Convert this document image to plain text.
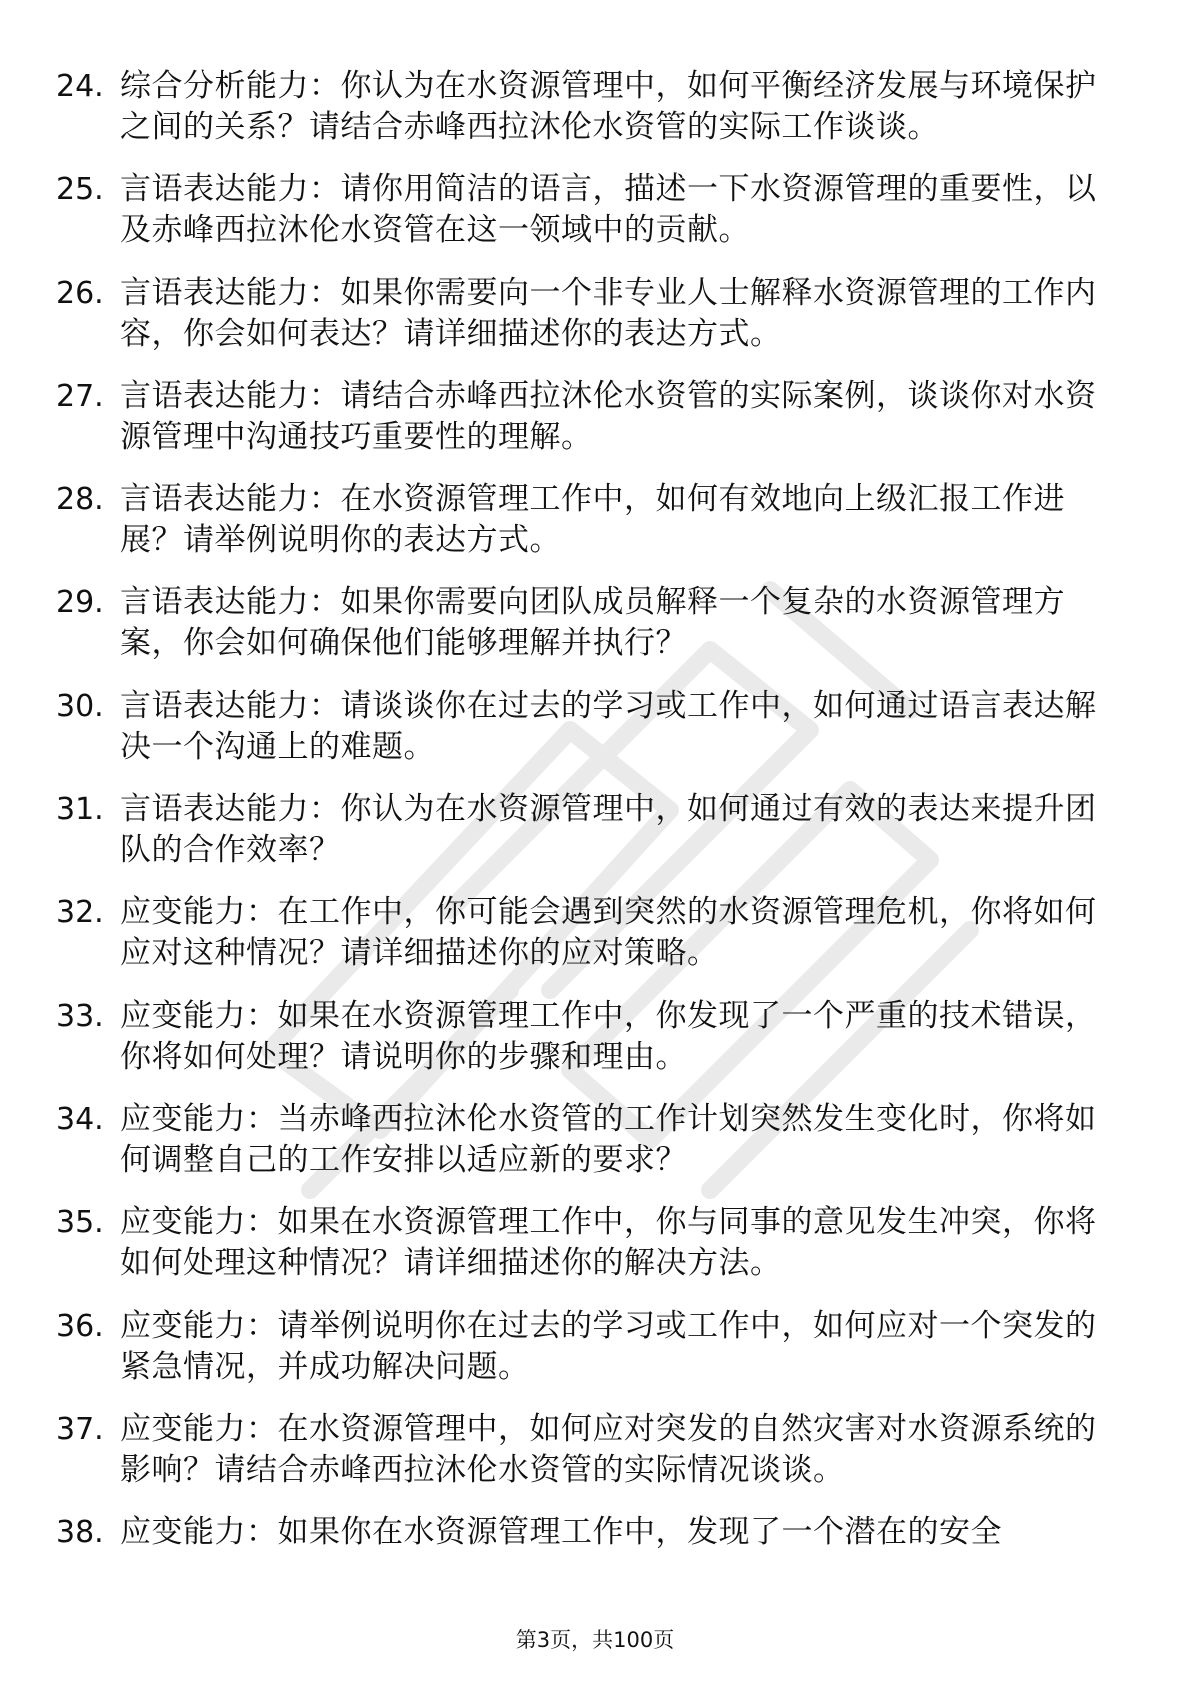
24. 综合分析能力：你认为在水资源管理中，如何平衡经济发展与环境保护之间的关系？请结合赤峰西拉沐伦水资管的实际工作谈谈。
25. 言语表达能力：请你用简洁的语言，描述一下水资源管理的重要性，以及赤峰西拉沐伦水资管在这一领域中的贡献。
26. 言语表达能力：如果你需要向一个非专业人士解释水资源管理的工作内容，你会如何表达？请详细描述你的表达方式。
27. 言语表达能力：请结合赤峰西拉沐伦水资管的实际案例，谈谈你对水资源管理中沟通技巧重要性的理解。
28. 言语表达能力：在水资源管理工作中，如何有效地向上级汇报工作进展？请举例说明你的表达方式。
29. 言语表达能力：如果你需要向团队成员解释一个复杂的水资源管理方案，你会如何确保他们能够理解并执行？
30. 言语表达能力：请谈谈你在过去的学习或工作中，如何通过语言表达解决一个沟通上的难题。
31. 言语表达能力：你认为在水资源管理中，如何通过有效的表达来提升团队的合作效率？
32. 应变能力：在工作中，你可能会遇到突然的水资源管理危机，你将如何应对这种情况？请详细描述你的应对策略。
33. 应变能力：如果在水资源管理工作中，你发现了一个严重的技术错误，你将如何处理？请说明你的步骤和理由。
34. 应变能力：当赤峰西拉沐伦水资管的工作计划突然发生变化时，你将如何调整自己的工作安排以适应新的要求？
35. 应变能力：如果在水资源管理工作中，你与同事的意见发生冲突，你将如何处理这种情况？请详细描述你的解决方法。
36. 应变能力：请举例说明你在过去的学习或工作中，如何应对一个突发的紧急情况，并成功解决问题。
37. 应变能力：在水资源管理中，如何应对突发的自然灾害对水资源系统的影响？请结合赤峰西拉沐伦水资管的实际情况谈谈。
38. 应变能力：如果你在水资源管理工作中，发现了一个潜在的安全
第3页，共100页
